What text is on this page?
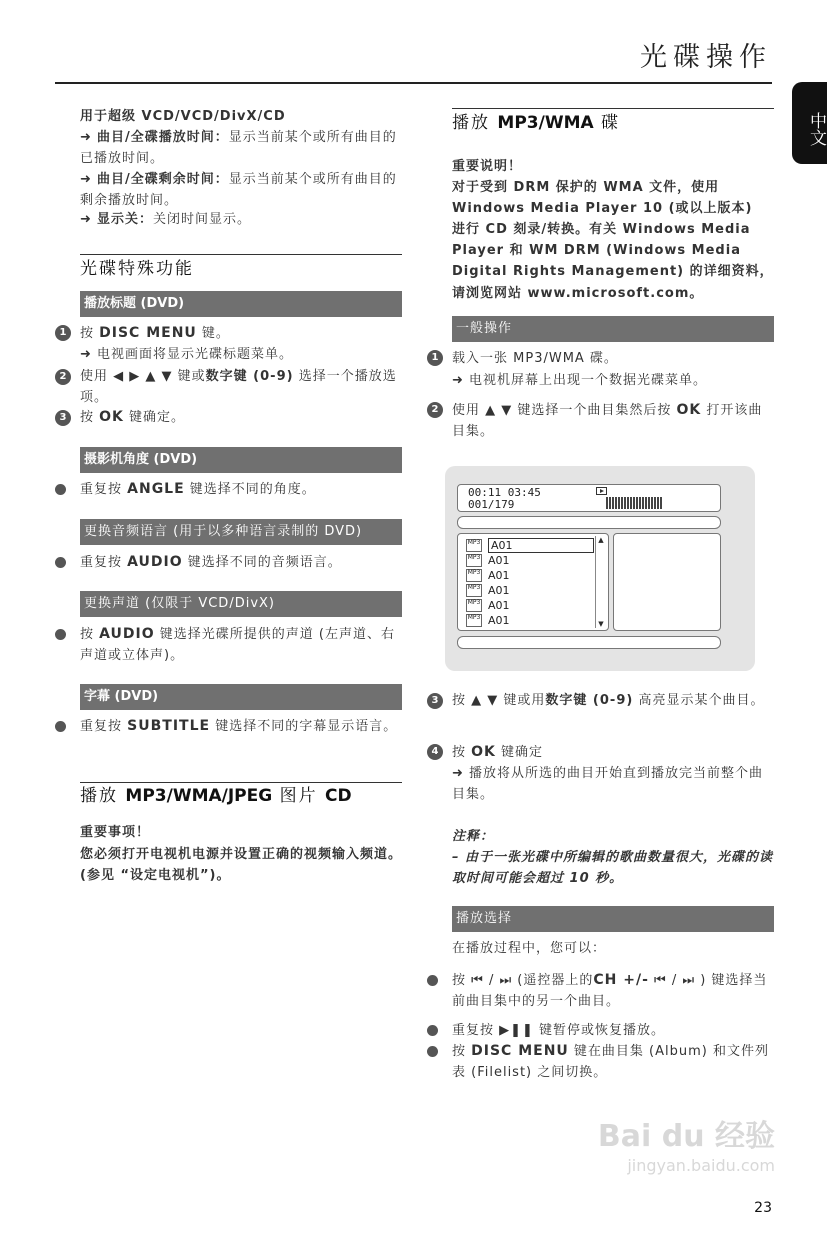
光碟操作
中文
用于超级 VCD/VCD/DivX/CD
➜ 曲目/全碟播放时间：显示当前某个或所有曲目的已播放时间。
➜ 曲目/全碟剩余时间：显示当前某个或所有曲目的剩余播放时间。
➜ 显示关：关闭时间显示。
光碟特殊功能
播放标题 (DVD)
1	按 DISC MENU 键。
➜ 电视画面将显示光碟标题菜单。
2	使用 ◀ ▶ ▲ ▼ 键或数字键 (0-9) 选择一个播放选项。
3	按 OK 键确定。
摄影机角度 (DVD)
重复按 ANGLE 键选择不同的角度。
更换音频语言 (用于以多种语言录制的 DVD)
重复按 AUDIO 键选择不同的音频语言。
更换声道 (仅限于 VCD/DivX)
按 AUDIO 键选择光碟所提供的声道 (左声道、右声道或立体声)。
字幕 (DVD)
重复按 SUBTITLE 键选择不同的字幕显示语言。
播放 MP3/WMA/JPEG 图片 CD
重要事项！
您必须打开电视机电源并设置正确的视频输入频道。(参见 “设定电视机”)。
播放 MP3/WMA 碟
重要说明！
对于受到 DRM 保护的 WMA 文件，使用
Windows Media Player 10 (或以上版本)
进行 CD 刻录/转换。有关 Windows Media
Player 和 WM DRM (Windows Media
Digital Rights Management) 的详细资料，
请浏览网站 www.microsoft.com。
一般操作
1	载入一张 MP3/WMA 碟。
➜ 电视机屏幕上出现一个数据光碟菜单。
2	使用 ▲ ▼ 键选择一个曲目集然后按 OK 打开该曲目集。
00:11 03:45
001/179
MP3 A01
MP3 A01
MP3 A01
MP3 A01
MP3 A01
MP3 A01
▲
▼
3	按 ▲ ▼ 键或用数字键 (0-9) 高亮显示某个曲目。
4	按 OK 键确定
➜ 播放将从所选的曲目开始直到播放完当前整个曲目集。
注释：
– 由于一张光碟中所编辑的歌曲数量很大，光碟的读取时间可能会超过 10 秒。
播放选择
在播放过程中，您可以：
按 ⏮ / ⏭ (遥控器上的CH +/- ⏮ / ⏭ ) 键选择当前曲目集中的另一个曲目。
重复按 ▶❚❚ 键暂停或恢复播放。
按 DISC MENU 键在曲目集 (Album) 和文件列表 (Filelist) 之间切换。
Bai du 经验
jingyan.baidu.com
23
